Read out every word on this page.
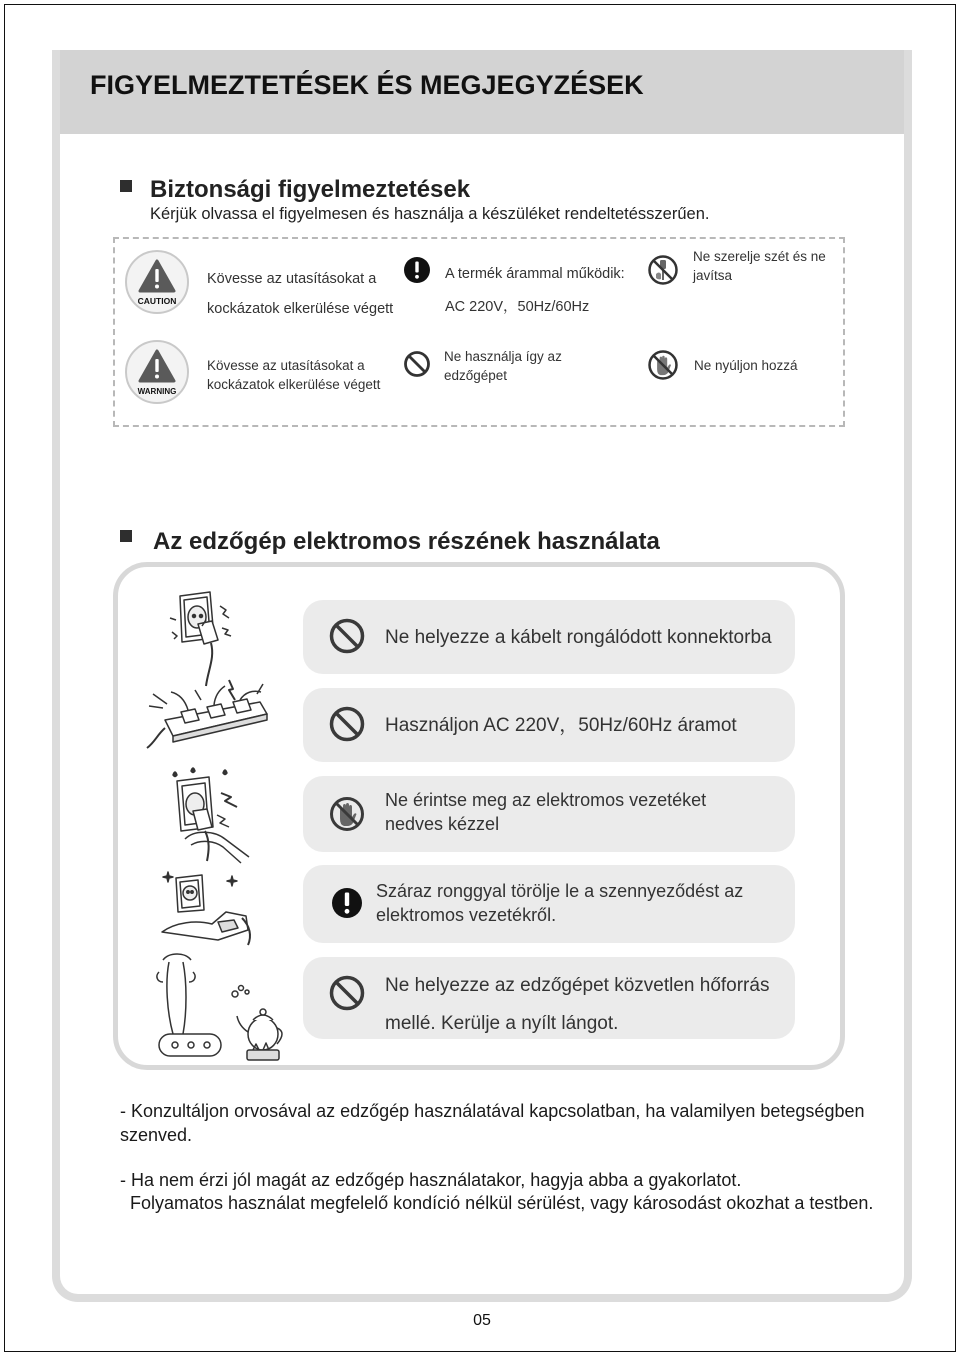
FIGYELMEZTETÉSEK ÉS MEGJEGYZÉSEK
Biztonsági figyelmeztetések
Kérjük olvassa el figyelmesen és használja a készüléket rendeltetésszerűen.
CAUTION
Kövesse az utasításokat a
kockázatok elkerülése végett
A termék árammal működik:
AC 220V，50Hz/60Hz
Ne szerelje szét és ne
javítsa
WARNING
Kövesse az utasításokat a
kockázatok elkerülése végett
Ne használja így az
edzőgépet
Ne nyúljon hozzá
Az edzőgép elektromos részének használata
Ne helyezze a kábelt rongálódott konnektorba
Használjon AC 220V，50Hz/60Hz áramot
Ne érintse meg az elektromos vezetéket
nedves kézzel
Száraz ronggyal törölje le a szennyeződést az
elektromos vezetékről.
Ne helyezze az edzőgépet közvetlen hőforrás
mellé. Kerülje a nyílt lángot.
- Konzultáljon orvosával az edzőgép használatával kapcsolatban, ha valamilyen betegségben
szenved.
- Ha nem érzi jól magát az edzőgép használatakor, hagyja abba a gyakorlatot.
Folyamatos használat megfelelő kondíció nélkül sérülést, vagy károsodást okozhat a testben.
05
